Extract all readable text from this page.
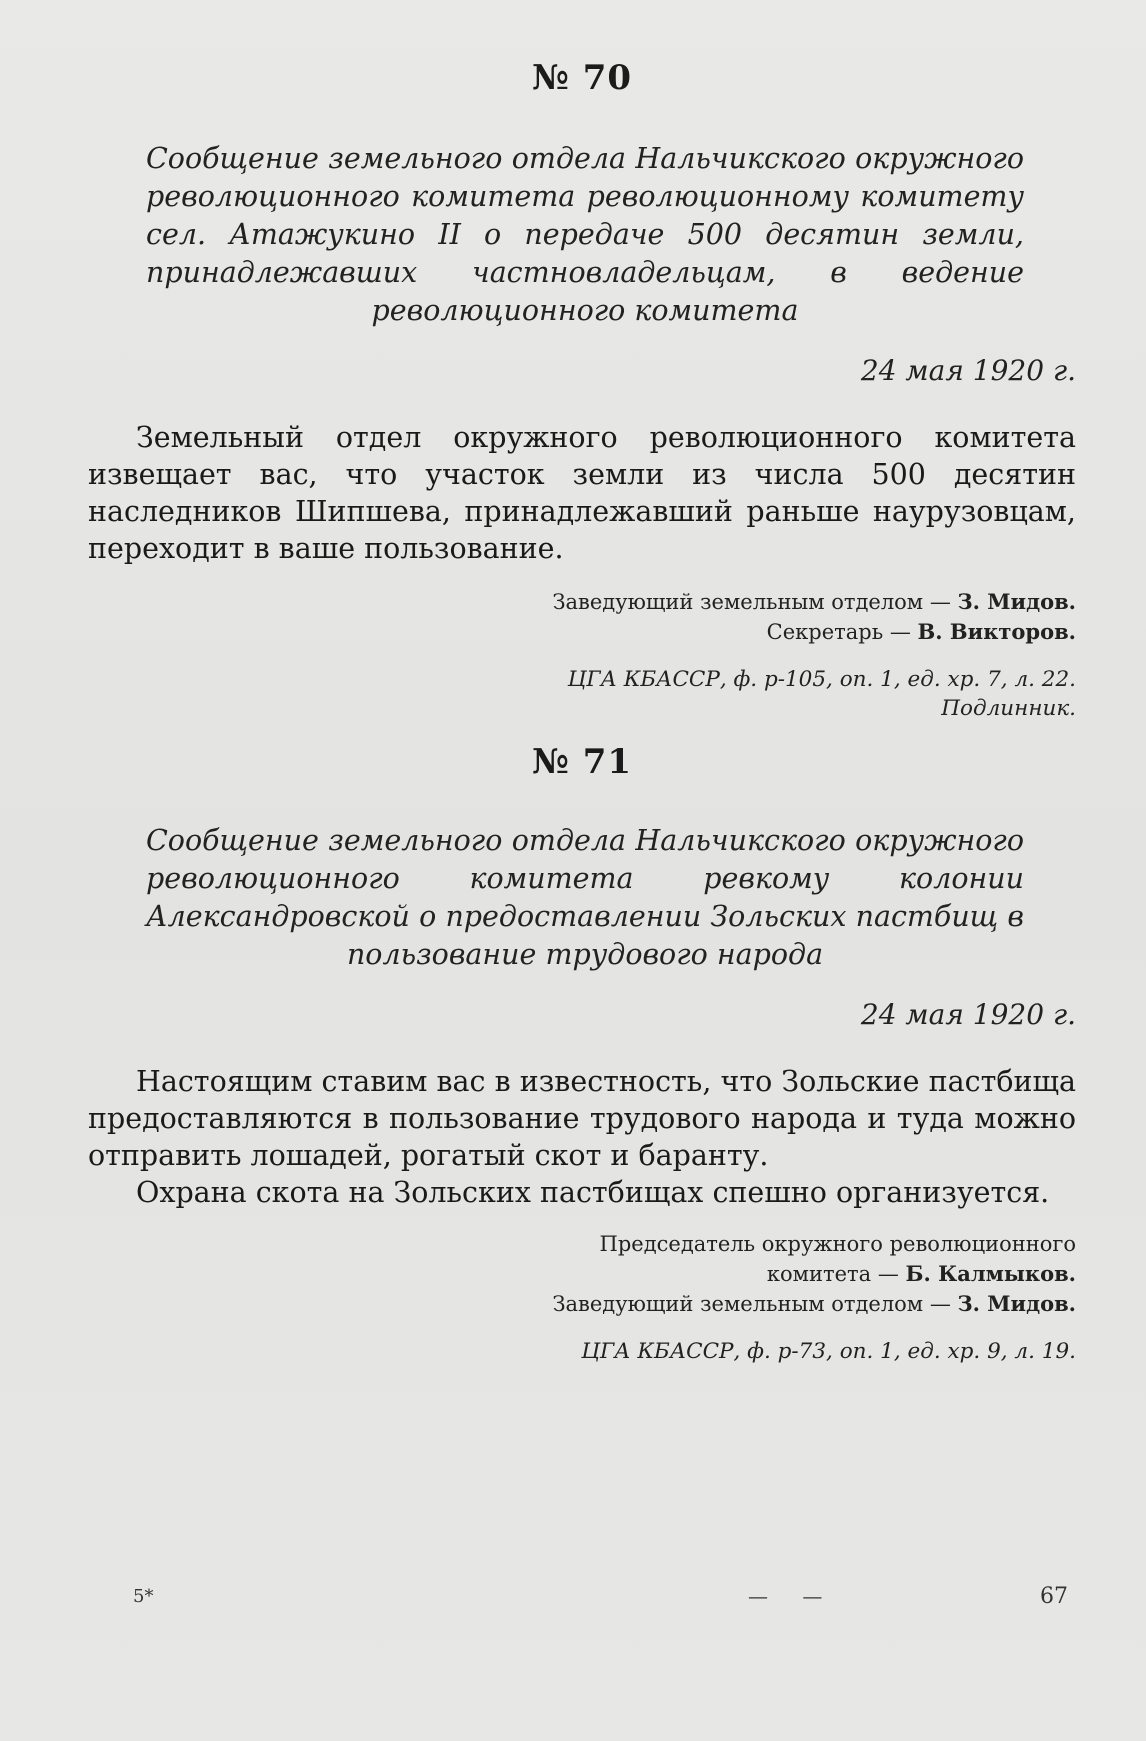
№ 70

Сообщение земельного отдела Нальчикского окружного революционного комитета революционному комитету сел. Атажукино II о передаче 500 десятин земли, принадлежавших частновладельцам, в ведение революционного комитета

24 мая 1920 г.

Земельный отдел окружного революционного комитета извещает вас, что участок земли из числа 500 десятин наследников Шипшева, принадлежавший раньше наурузовцам, переходит в ваше пользование.

Заведующий земельным отделом — З. Мидов.
Секретарь — В. Викторов.
ЦГА КБАССР, ф. р-105, оп. 1, ед. хр. 7, л. 22.
Подлинник.
№ 71

Сообщение земельного отдела Нальчикского окружного революционного комитета ревкому колонии Александровской о предоставлении Зольских пастбищ в пользование трудового народа

24 мая 1920 г.

Настоящим ставим вас в известность, что Зольские пастбища предоставляются в пользование трудового народа и туда можно отправить лошадей, рогатый скот и баранту.

Охрана скота на Зольских пастбищах спешно организуется.

Председатель окружного революционного
комитета — Б. Калмыков.
Заведующий земельным отделом — З. Мидов.
ЦГА КБАССР, ф. р-73, оп. 1, ед. хр. 9, л. 19.
5*	— —	67
